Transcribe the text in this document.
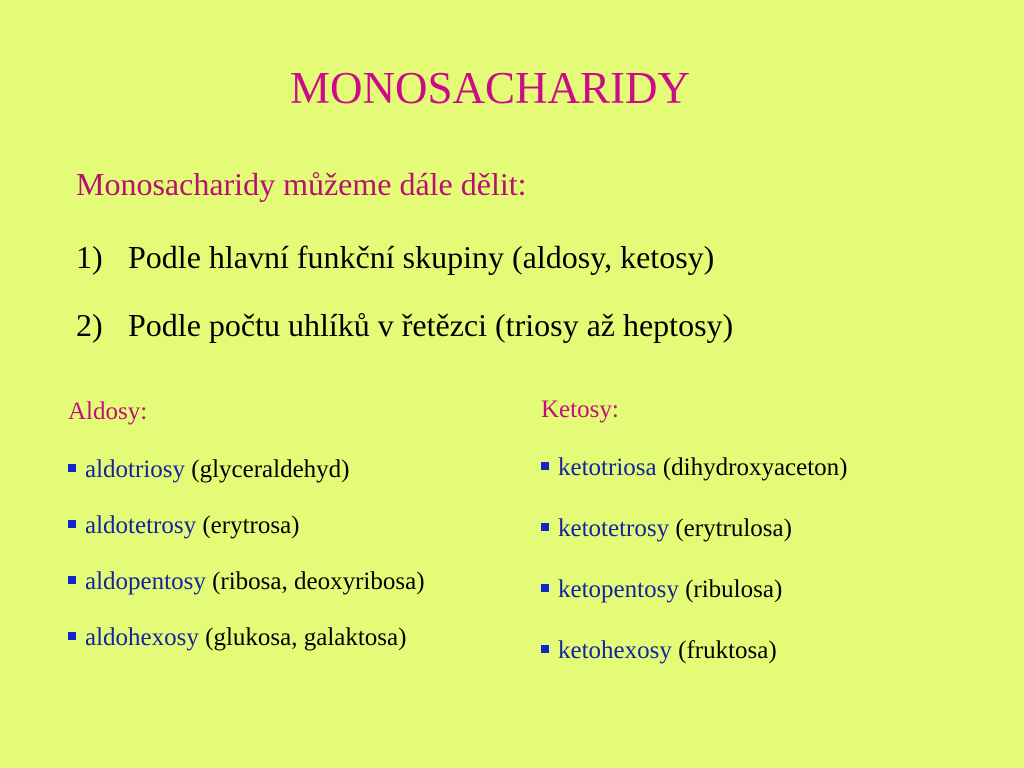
MONOSACHARIDY

Monosacharidy můžeme dále dělit:

1) Podle hlavní funkční skupiny (aldosy, ketosy)

2) Podle počtu uhlíků v řetězci (triosy až heptosy)

Aldosy:
aldotriosy (glyceraldehyd)
aldotetrosy (erytrosa)
aldopentosy (ribosa, deoxyribosa)
aldohexosy (glukosa, galaktosa)
Ketosy:
ketotriosa (dihydroxyaceton)
ketotetrosy (erytrulosa)
ketopentosy (ribulosa)
ketohexosy (fruktosa)
